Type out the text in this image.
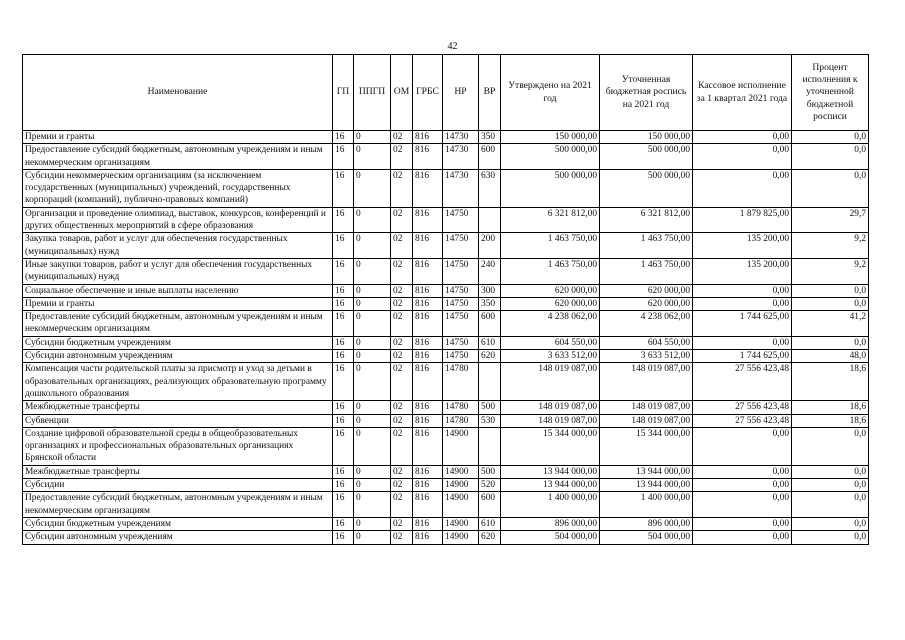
42
Наименование	ГП	ППГП	ОМ	ГРБС	НР	ВР	Утверждено на 2021 год	Уточненная бюджетная роспись на 2021 год	Кассовое исполнение за 1 квартал 2021 года	Процент исполнения к уточненной бюджетной росписи
Премии и гранты	16	0	02	816	14730	350	150 000,00	150 000,00	0,00	0,0
Предоставление субсидий бюджетным, автономным учреждениям и иным некоммерческим организациям	16	0	02	816	14730	600	500 000,00	500 000,00	0,00	0,0
Субсидии некоммерческим организациям (за исключением государственных (муниципальных) учреждений, государственных корпораций (компаний), публично-правовых компаний)	16	0	02	816	14730	630	500 000,00	500 000,00	0,00	0,0
Организация и проведение олимпиад, выставок, конкурсов, конференций и других общественных мероприятий в сфере образования	16	0	02	816	14750		6 321 812,00	6 321 812,00	1 879 825,00	29,7
Закупка товаров, работ и услуг для обеспечения государственных (муниципальных) нужд	16	0	02	816	14750	200	1 463 750,00	1 463 750,00	135 200,00	9,2
Иные закупки товаров, работ и услуг для обеспечения государственных (муниципальных) нужд	16	0	02	816	14750	240	1 463 750,00	1 463 750,00	135 200,00	9,2
Социальное обеспечение и иные выплаты населению	16	0	02	816	14750	300	620 000,00	620 000,00	0,00	0,0
Премии и гранты	16	0	02	816	14750	350	620 000,00	620 000,00	0,00	0,0
Предоставление субсидий бюджетным, автономным учреждениям и иным некоммерческим организациям	16	0	02	816	14750	600	4 238 062,00	4 238 062,00	1 744 625,00	41,2
Субсидии бюджетным учреждениям	16	0	02	816	14750	610	604 550,00	604 550,00	0,00	0,0
Субсидии автономным учреждениям	16	0	02	816	14750	620	3 633 512,00	3 633 512,00	1 744 625,00	48,0
Компенсация части родительской платы за присмотр и уход за детьми в образовательных организациях, реализующих образовательную программу дошкольного образования	16	0	02	816	14780		148 019 087,00	148 019 087,00	27 556 423,48	18,6
Межбюджетные трансферты	16	0	02	816	14780	500	148 019 087,00	148 019 087,00	27 556 423,48	18,6
Субвенции	16	0	02	816	14780	530	148 019 087,00	148 019 087,00	27 556 423,48	18,6
Создание цифровой образовательной среды в общеобразовательных организациях и профессиональных образовательных организациях Брянской области	16	0	02	816	14900		15 344 000,00	15 344 000,00	0,00	0,0
Межбюджетные трансферты	16	0	02	816	14900	500	13 944 000,00	13 944 000,00	0,00	0,0
Субсидии	16	0	02	816	14900	520	13 944 000,00	13 944 000,00	0,00	0,0
Предоставление субсидий бюджетным, автономным учреждениям и иным некоммерческим организациям	16	0	02	816	14900	600	1 400 000,00	1 400 000,00	0,00	0,0
Субсидии бюджетным учреждениям	16	0	02	816	14900	610	896 000,00	896 000,00	0,00	0,0
Субсидии автономным учреждениям	16	0	02	816	14900	620	504 000,00	504 000,00	0,00	0,0
